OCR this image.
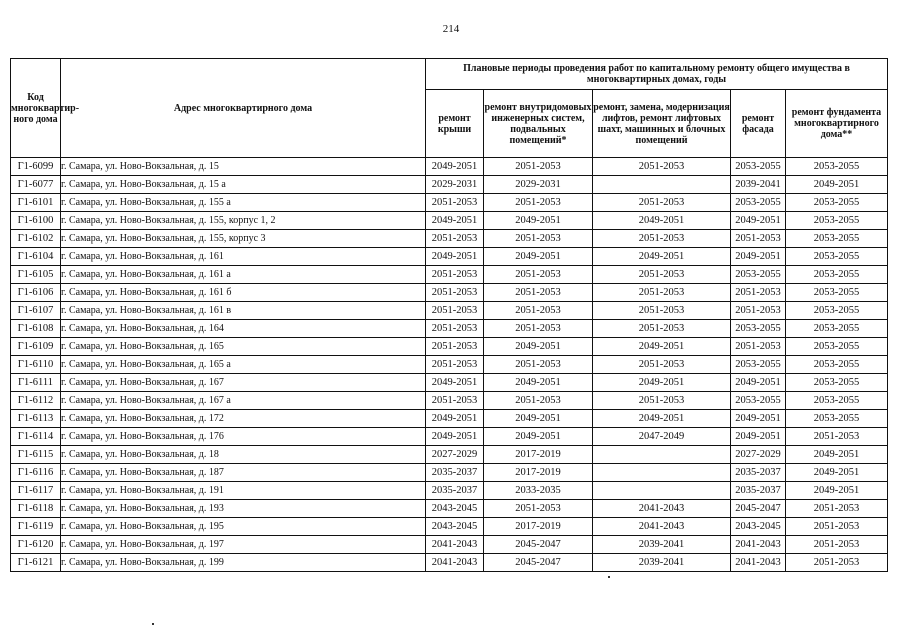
214
Код многоквартир-ного дома	Адрес многоквартирного дома	Плановые периоды проведения работ по капитальному ремонту общего имущества в многоквартирных домах, годы				
		ремонт крыши	ремонт внутридомовых инженерных систем, подвальных помещений*	ремонт, замена, модернизация лифтов, ремонт лифтовых шахт, машинных и блочных помещений	ремонт фасада	ремонт фундамента многоквартирного дома**
Г1-6099	г. Самара, ул. Ново-Вокзальная, д. 15	2049-2051	2051-2053	2051-2053	2053-2055	2053-2055
Г1-6077	г. Самара, ул. Ново-Вокзальная, д. 15 а	2029-2031	2029-2031		2039-2041	2049-2051
Г1-6101	г. Самара, ул. Ново-Вокзальная, д. 155 а	2051-2053	2051-2053	2051-2053	2053-2055	2053-2055
Г1-6100	г. Самара, ул. Ново-Вокзальная, д. 155, корпус 1, 2	2049-2051	2049-2051	2049-2051	2049-2051	2053-2055
Г1-6102	г. Самара, ул. Ново-Вокзальная, д. 155, корпус 3	2051-2053	2051-2053	2051-2053	2051-2053	2053-2055
Г1-6104	г. Самара, ул. Ново-Вокзальная, д. 161	2049-2051	2049-2051	2049-2051	2049-2051	2053-2055
Г1-6105	г. Самара, ул. Ново-Вокзальная, д. 161 а	2051-2053	2051-2053	2051-2053	2053-2055	2053-2055
Г1-6106	г. Самара, ул. Ново-Вокзальная, д. 161 б	2051-2053	2051-2053	2051-2053	2051-2053	2053-2055
Г1-6107	г. Самара, ул. Ново-Вокзальная, д. 161 в	2051-2053	2051-2053	2051-2053	2051-2053	2053-2055
Г1-6108	г. Самара, ул. Ново-Вокзальная, д. 164	2051-2053	2051-2053	2051-2053	2053-2055	2053-2055
Г1-6109	г. Самара, ул. Ново-Вокзальная, д. 165	2051-2053	2049-2051	2049-2051	2051-2053	2053-2055
Г1-6110	г. Самара, ул. Ново-Вокзальная, д. 165 а	2051-2053	2051-2053	2051-2053	2053-2055	2053-2055
Г1-6111	г. Самара, ул. Ново-Вокзальная, д. 167	2049-2051	2049-2051	2049-2051	2049-2051	2053-2055
Г1-6112	г. Самара, ул. Ново-Вокзальная, д. 167 а	2051-2053	2051-2053	2051-2053	2053-2055	2053-2055
Г1-6113	г. Самара, ул. Ново-Вокзальная, д. 172	2049-2051	2049-2051	2049-2051	2049-2051	2053-2055
Г1-6114	г. Самара, ул. Ново-Вокзальная, д. 176	2049-2051	2049-2051	2047-2049	2049-2051	2051-2053
Г1-6115	г. Самара, ул. Ново-Вокзальная, д. 18	2027-2029	2017-2019		2027-2029	2049-2051
Г1-6116	г. Самара, ул. Ново-Вокзальная, д. 187	2035-2037	2017-2019		2035-2037	2049-2051
Г1-6117	г. Самара, ул. Ново-Вокзальная, д. 191	2035-2037	2033-2035		2035-2037	2049-2051
Г1-6118	г. Самара, ул. Ново-Вокзальная, д. 193	2043-2045	2051-2053	2041-2043	2045-2047	2051-2053
Г1-6119	г. Самара, ул. Ново-Вокзальная, д. 195	2043-2045	2017-2019	2041-2043	2043-2045	2051-2053
Г1-6120	г. Самара, ул. Ново-Вокзальная, д. 197	2041-2043	2045-2047	2039-2041	2041-2043	2051-2053
Г1-6121	г. Самара, ул. Ново-Вокзальная, д. 199	2041-2043	2045-2047	2039-2041	2041-2043	2051-2053
